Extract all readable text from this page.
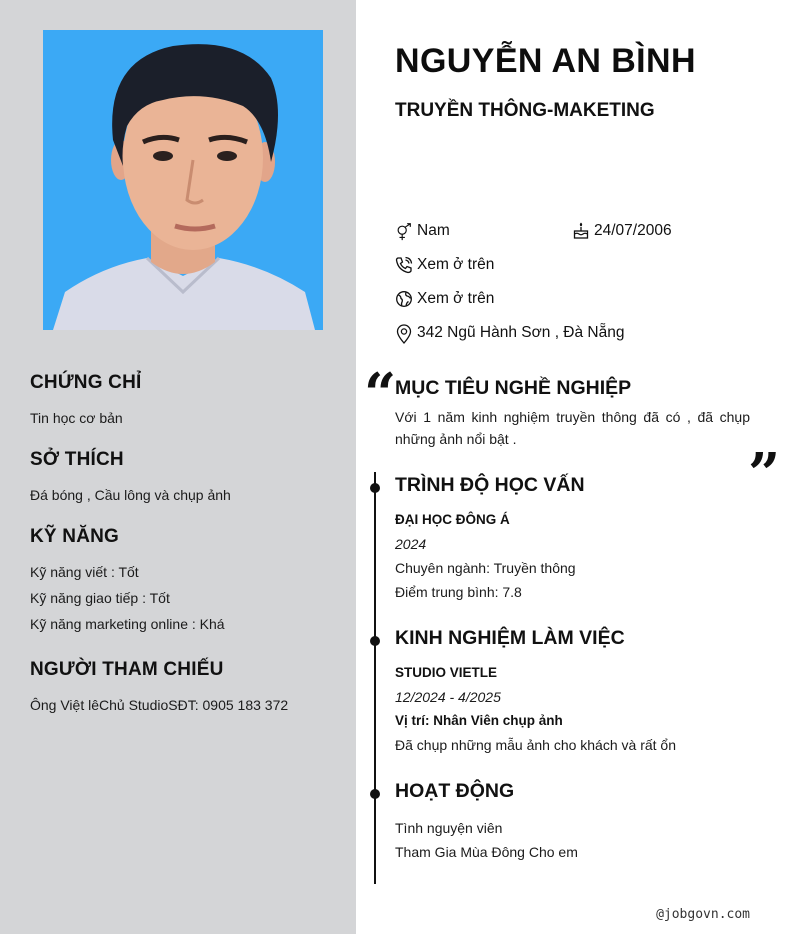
CHỨNG CHỈ
Tin học cơ bản
SỞ THÍCH
Đá bóng , Cầu lông và chụp ảnh
KỸ NĂNG
Kỹ năng viết : Tốt
Kỹ năng giao tiếp : Tốt
Kỹ năng marketing online : Khá
NGƯỜI THAM CHIẾU
Ông Việt lêChủ StudioSĐT: 0905 183 372
NGUYỄN AN BÌNH
TRUYỀN THÔNG-MAKETING
Nam	24/07/2006
Xem ở trên
Xem ở trên
342 Ngũ Hành Sơn , Đà Nẵng
“
MỤC TIÊU NGHỀ NGHIỆP
Với 1 năm kinh nghiệm truyền thông đã có , đã chụp những ảnh nổi bật .
”
TRÌNH ĐỘ HỌC VẤN
ĐẠI HỌC ĐÔNG Á
2024
Chuyên ngành: Truyền thông
Điểm trung bình: 7.8
KINH NGHIỆM LÀM VIỆC
STUDIO VIETLE
12/2024 - 4/2025
Vị trí: Nhân Viên chụp ảnh
Đã chụp những mẫu ảnh cho khách và rất ổn
HOẠT ĐỘNG
Tình nguyện viên
Tham Gia Mùa Đông Cho em
@jobgovn.com
